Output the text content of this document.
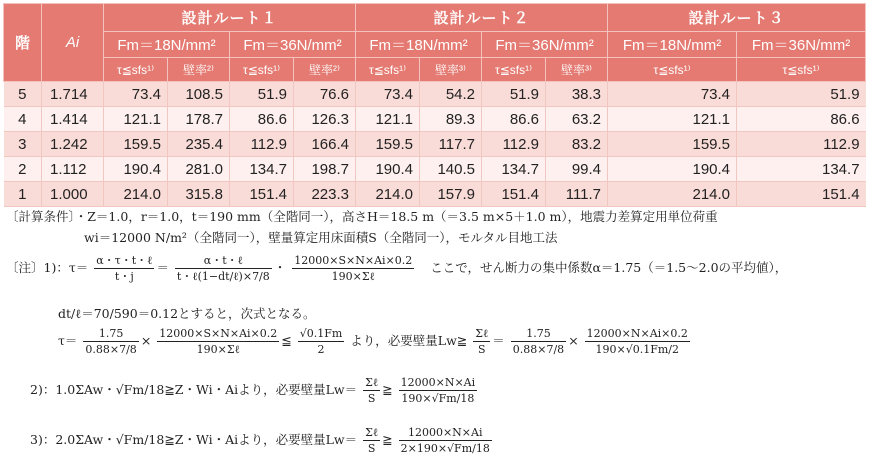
階	Ai	設計ルート１				設計ルート２				設計ルート３	
		Fm＝18N/mm²		Fm＝36N/mm²		Fm＝18N/mm²		Fm＝36N/mm²		Fm＝18N/mm²	Fm＝36N/mm²
		τ≦sfs¹⁾	壁率²⁾	τ≦sfs¹⁾	壁率²⁾	τ≦sfs¹⁾	壁率³⁾	τ≦sfs¹⁾	壁率³⁾	τ≦sfs¹⁾	τ≦sfs¹⁾
5	1.714	73.4	108.5	51.9	76.6	73.4	54.2	51.9	38.3	73.4	51.9
4	1.414	121.1	178.7	86.6	126.3	121.1	89.3	86.6	63.2	121.1	86.6
3	1.242	159.5	235.4	112.9	166.4	159.5	117.7	112.9	83.2	159.5	112.9
2	1.112	190.4	281.0	134.7	198.7	190.4	140.5	134.7	99.4	190.4	134.7
1	1.000	214.0	315.8	151.4	223.3	214.0	157.9	151.4	111.7	214.0	151.4
〔計算条件〕・Z＝1.0，r＝1.0，t＝190 mm（全階同一），高さH＝18.5 m（＝3.5 m×5＋1.0 m），地震力差算定用単位荷重
wi＝12000 N/m²（全階同一），壁量算定用床面積S（全階同一），モルタル目地工法
〔注〕1)：$\tau= \frac{\text{α・τ・t・ℓ}}{t・j} = \frac{\text{α・t・ℓ}}{\text{t・ℓ(1−dt/ℓ)×7/8}}$ ・ $\frac{12000\times S\times N\times Ai\times 0.2}{\text{190×Σℓ}}$ ここで，せん断力の集中係数α＝1.75（＝1.5～2.0の平均値），
dt/ℓ＝70/590＝0.12とすると，次式となる。
$\tau= \frac{1.75}{0.88\times 7/8} \times \frac{12000\times S\times N\times Ai\times 0.2}{\text{190×Σℓ}}$ ≦ $\frac{√0.1Fm}{2}$ より，必要壁量Lw≧ $\frac{\text{Σℓ}}{S} = \frac{1.75}{0.88\times 7/8} \times \frac{12000\times N\times Ai\times 0.2}{190\times√0.1Fm/2}$
2)：1.0ΣAw・√Fm/18≧Z・Wi・Aiより，必要壁量$Lw= \frac{\text{Σℓ}}{S}$ ≧ $\frac{12000\times N\times Ai}{190\times√Fm/18}$
3)：2.0ΣAw・√Fm/18≧Z・Wi・Aiより，必要壁量$Lw= \frac{\text{Σℓ}}{S}$ ≧ $\frac{12000\times N\times Ai}{2\times 190\times√Fm/18}$
